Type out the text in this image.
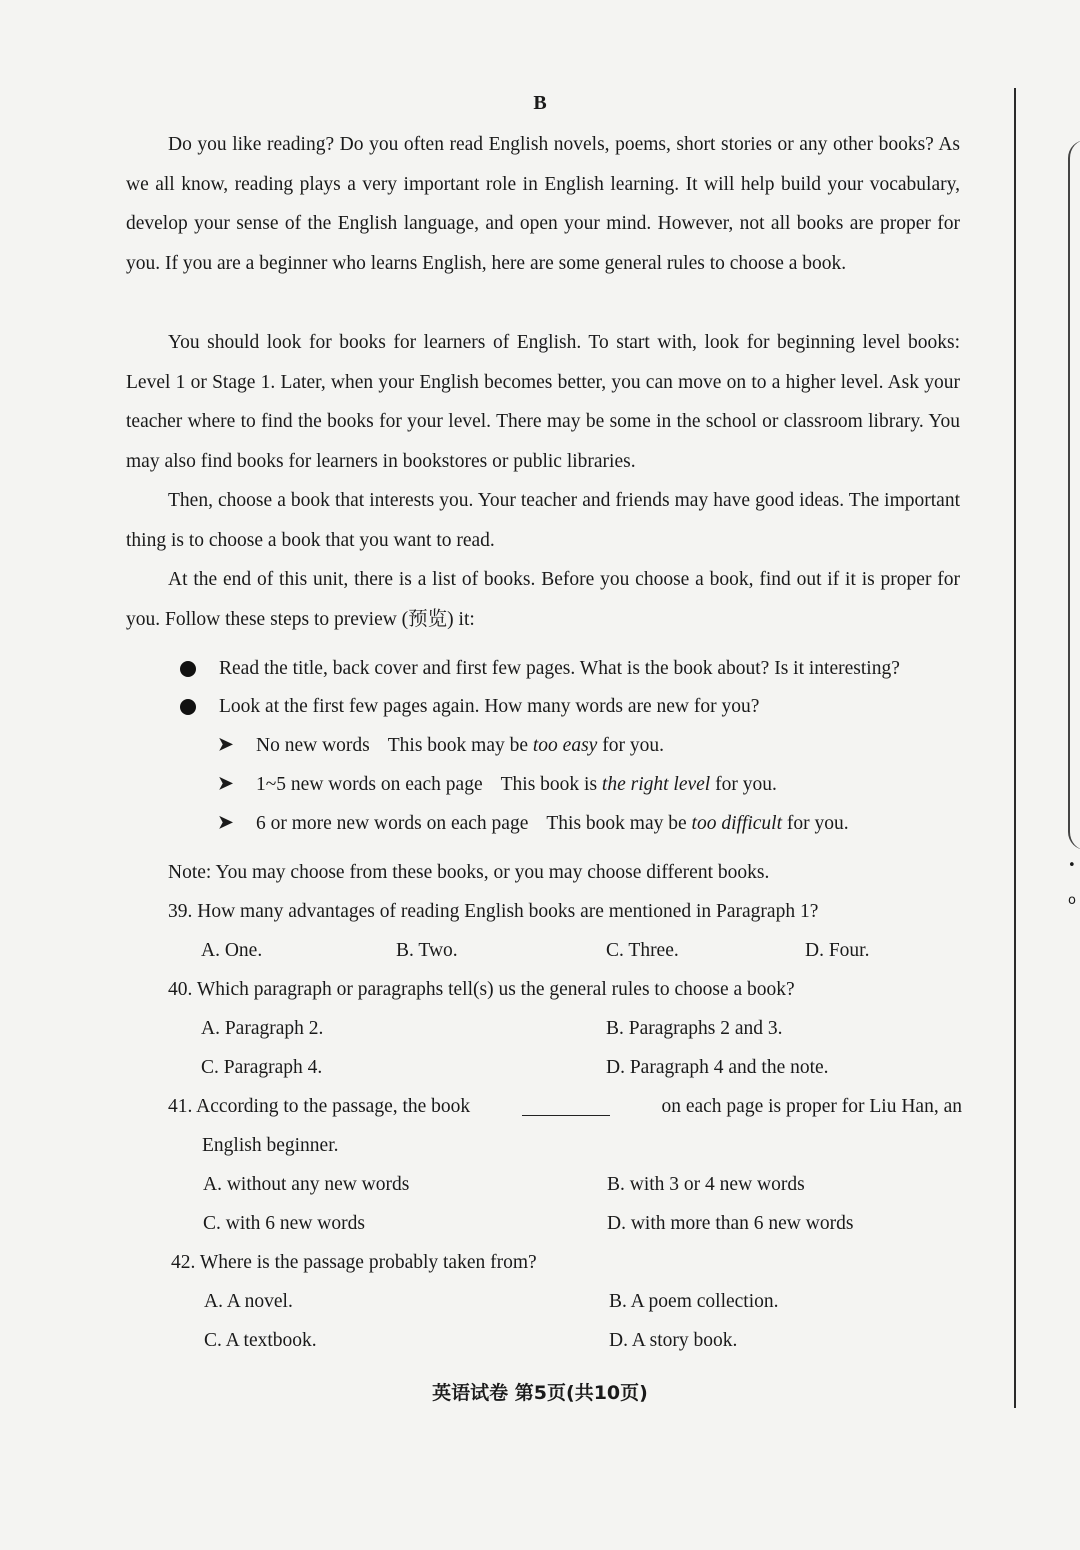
•
o
B

Do you like reading? Do you often read English novels, poems, short stories or any other books? As we all know, reading plays a very important role in English learning. It will help build your vocabulary, develop your sense of the English language, and open your mind. However, not all books are proper for you. If you are a beginner who learns English, here are some general rules to choose a book.

You should look for books for learners of English. To start with, look for beginning level books: Level 1 or Stage 1. Later, when your English becomes better, you can move on to a higher level. Ask your teacher where to find the books for your level. There may be some in the school or classroom library. You may also find books for learners in bookstores or public libraries.

Then, choose a book that interests you. Your teacher and friends may have good ideas. The important thing is to choose a book that you want to read.

At the end of this unit, there is a list of books. Before you choose a book, find out if it is proper for you. Follow these steps to preview (预览) it:

Read the title, back cover and first few pages. What is the book about? Is it interesting?
Look at the first few pages again. How many words are new for you?
➤ No new words This book may be too easy for you.
➤ 1~5 new words on each page This book is the right level for you.
➤ 6 or more new words on each page This book may be too difficult for you.
Note: You may choose from these books, or you may choose different books.
39. How many advantages of reading English books are mentioned in Paragraph 1?
A. One.	B. Two.	C. Three.	D. Four.
40. Which paragraph or paragraphs tell(s) us the general rules to choose a book?
A. Paragraph 2.	B. Paragraphs 2 and 3.
C. Paragraph 4.	D. Paragraph 4 and the note.
41. According to the passage, the book	on each page is proper for Liu Han, an
English beginner.
A. without any new words	B. with 3 or 4 new words
C. with 6 new words	D. with more than 6 new words
42. Where is the passage probably taken from?
A. A novel.	B. A poem collection.
C. A textbook.	D. A story book.
英语试卷 第5页(共10页)
